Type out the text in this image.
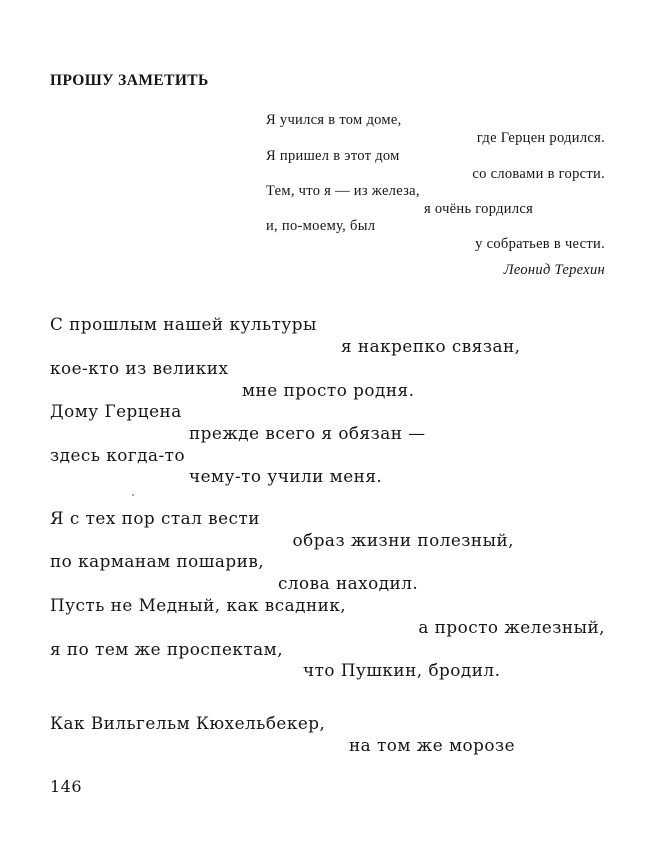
ПРОШУ ЗАМЕТИТЬ
Я учился в том доме,
где Герцен родился.
Я пришел в этот дом
со словами в горсти.
Тем, что я — из железа,
я очёнь гордился
и, по-моему, был
у собратьев в чести.
Леонид Терехин
С прошлым нашей культуры
я накрепко связан,
кое-кто из великих
мне просто родня.
Дому Герцена
прежде всего я обязан —
здесь когда-то
чему-то учили меня.
Я с тех пор стал вести
образ жизни полезный,
по карманам пошарив,
слова находил.
Пусть не Медный, как всадник,
а просто железный,
я по тем же проспектам,
что Пушкин, бродил.
Как Вильгельм Кюхельбекер,
на том же морозе
146
